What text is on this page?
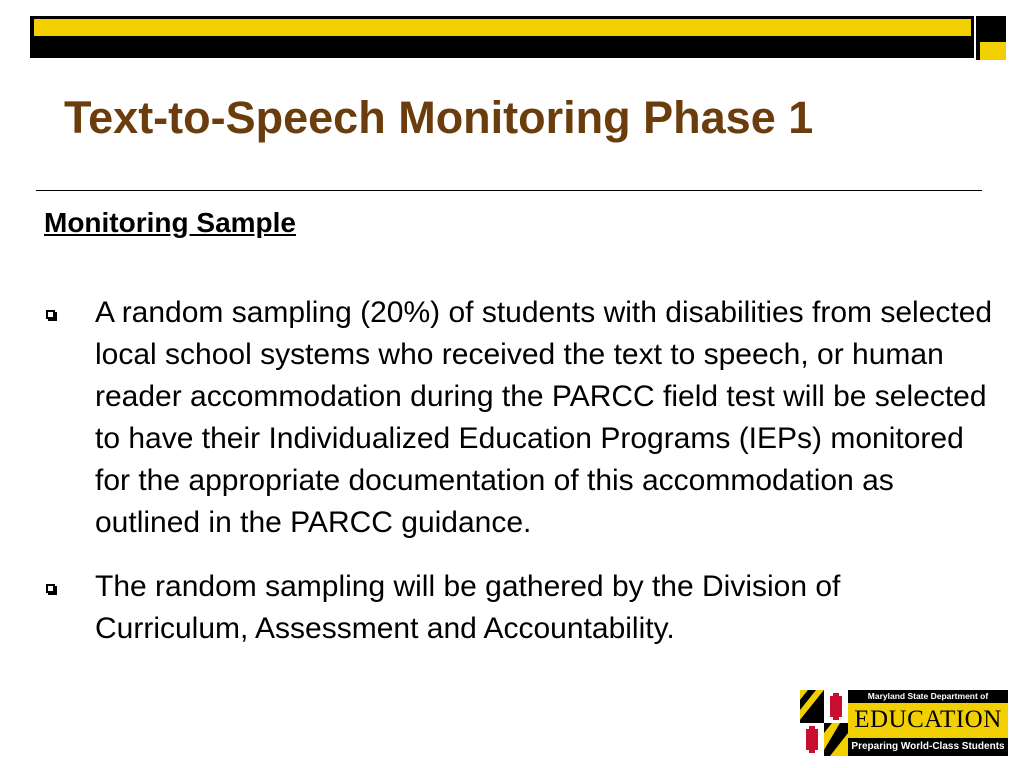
Text-to-Speech Monitoring Phase 1
Monitoring Sample
A random sampling (20%) of students with disabilities from selected local school systems who received the text to speech, or human reader accommodation during the PARCC field test will be selected to have their Individualized Education Programs (IEPs) monitored for the appropriate documentation of this accommodation as outlined in the PARCC guidance.
The random sampling will be gathered by the Division of Curriculum, Assessment and Accountability.
Maryland State Department of
EDUCATION
Preparing World-Class Students
